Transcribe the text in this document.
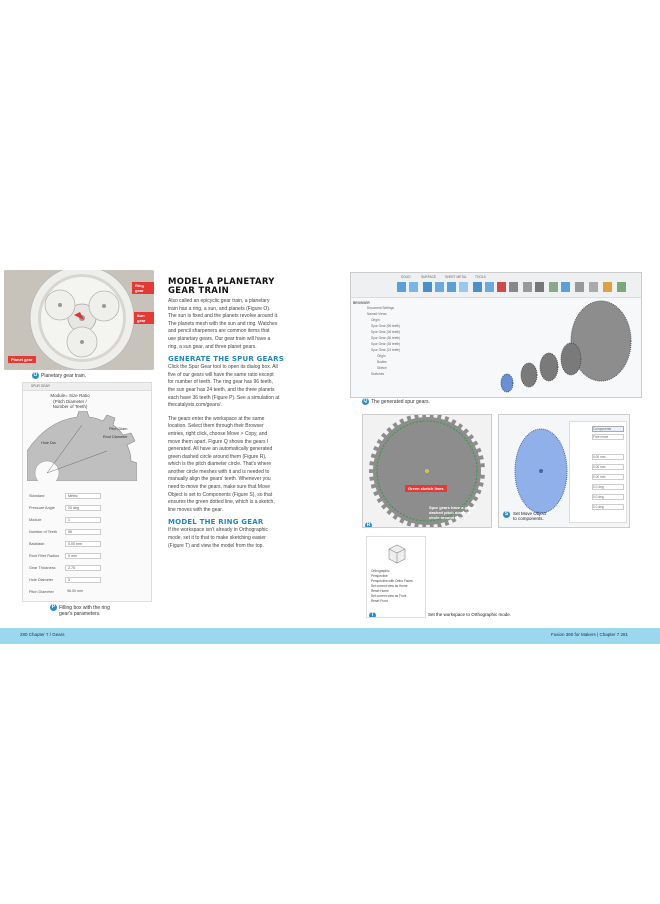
Ring gear
Sun gear
Planet gear
O Planetary gear train.
SPUR GEAR
Module= Size Ratio
(Pitch Diameter /
Number of Teeth)
Pitch Diam
Root Diameter
Hole Dia
Standard	Metric
Pressure Angle	20 deg
Module	1
Number of Teeth	96
Backlash	0.00 mm
Root Fillet Radius	0 mm
Gear Thickness	2.75
Hole Diameter	3
Pitch Diameter	96.00 mm
P Filling box with the ring
gear's parameters.
MODEL A PLANETARY
GEAR TRAIN
Also called an epicyclic gear train, a planetary
train has a ring, a sun, and planets (Figure O).
The sun is fixed and the planets revolve around it.
The planets mesh with the sun and ring. Watches
and pencil sharpeners are common items that
use planetary gears. Our gear train will have a
ring, a sun gear, and three planet gears.
GENERATE THE SPUR GEARS
Click the Spur Gear tool to open its dialog box. All
five of our gears will have the same ratio except
for number of teeth. The ring gear has 96 teeth,
the sun gear has 24 teeth, and the three planets
each have 36 teeth (Figure P). See a simulation at
thecatalysts.com/gears/.
The gears enter the workspace at the same
location. Select them through their Browser
entries, right click, choose Move > Copy, and
move them apart. Figure Q shows the gears I
generated. All have an automatically generated
green dashed circle around them (Figure R),
which is the pitch diameter circle. That's where
another circle meshes with it and is needed to
manually align the gears' teeth. Whenever you
need to move the gears, make sure that Move
Object is set to Components (Figure S), so that
ensures the green dotted line, which is a sketch,
line moves with the gear.
MODEL THE RING GEAR
If the workspace isn't already in Orthographic
mode, set it to that to make sketching easier
(Figure T) and view the model from the top.
SOLID	SURFACE	SHEET METAL	TOOLS
BROWSER
Document Settings
Named Views
Origin
Spur Gear (96 teeth)
Spur Gear (36 teeth)
Spur Gear (36 teeth)
Spur Gear (36 teeth)
Spur Gear (24 teeth)
Origin
Bodies
Sketch
Sketches
Q The generated spur gears.
Green sketch lines
Spur gears have a green
dashed pitch diameter
circle around them.
R
Components
Free move
0.00 mm
0.00 mm
0.00 mm
0.0 deg
0.0 deg
0.0 deg
S	Set Move Object
to components.
Orthographic
Perspective
Perspective with Ortho Faces
Set current view as Home
Reset Home
Set current view as Front
Reset Front
T	Set the workspace to Orthographic mode.
280 Chapter 7 / Gears	Fusion 360 for Makers | Chapter 7 281
